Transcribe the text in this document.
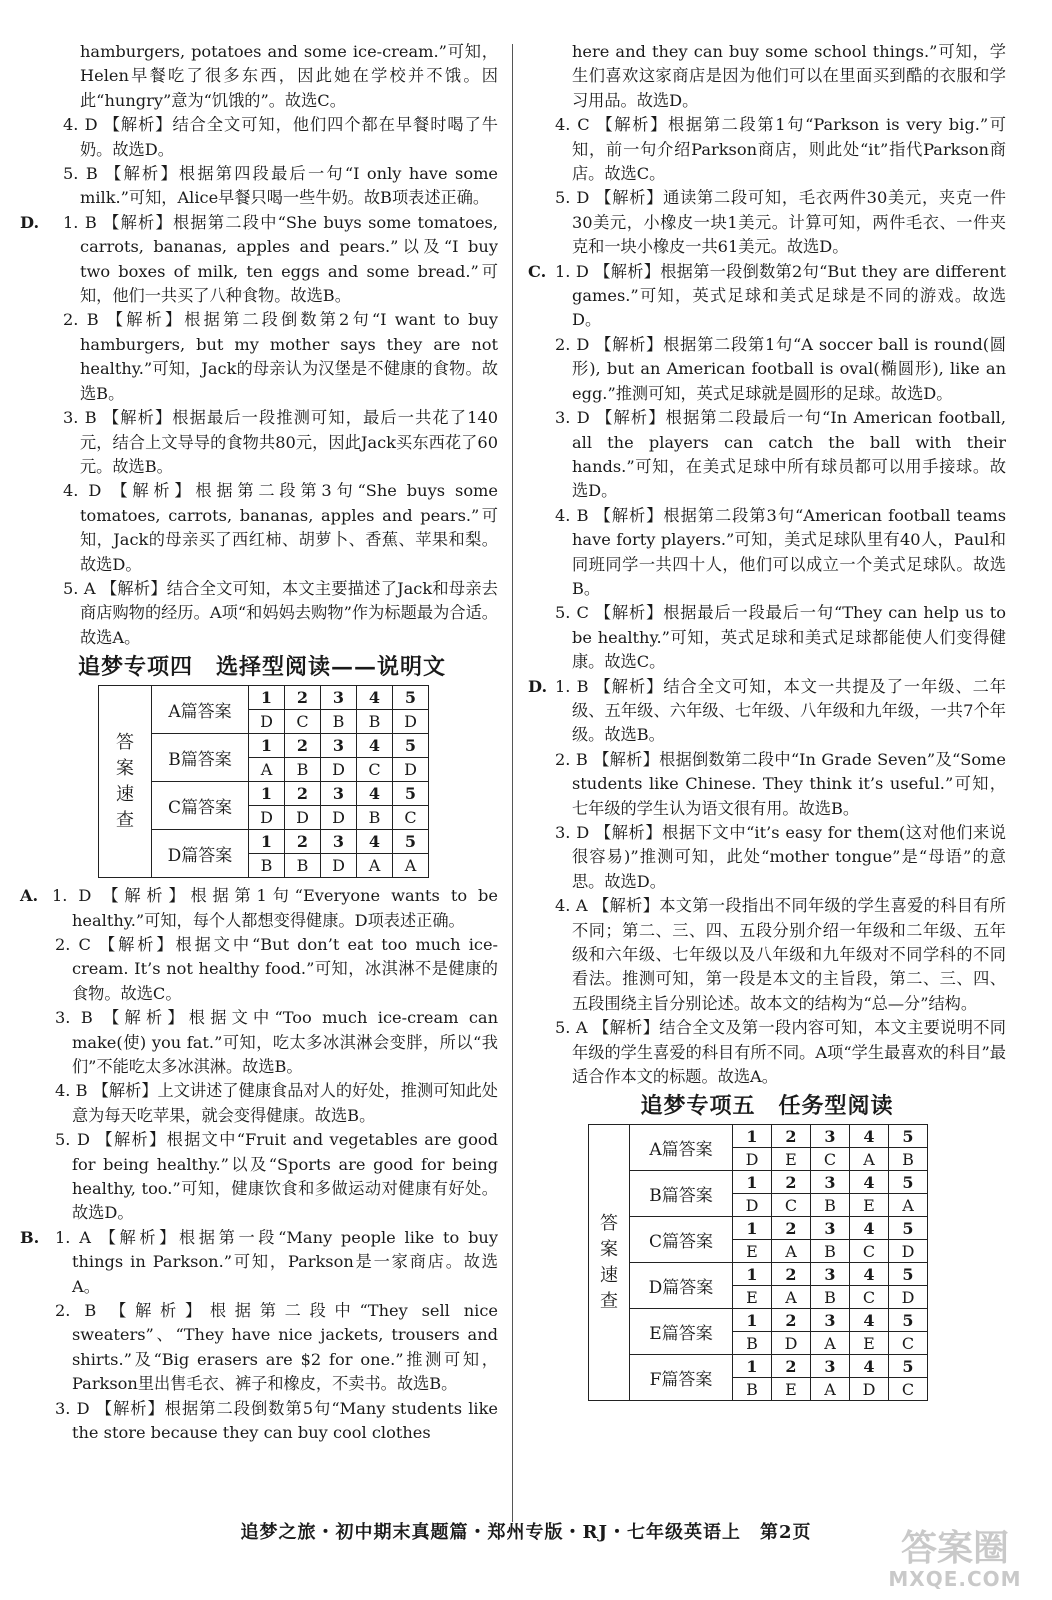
hamburgers, potatoes and some ice-cream.”可知，Helen早餐吃了很多东西，因此她在学校并不饿。因此“hungry”意为“饥饿的”。故选C。

4. D 【解析】结合全文可知，他们四个都在早餐时喝了牛奶。故选D。

5. B 【解析】根据第四段最后一句“I only have some milk.”可知，Alice早餐只喝一些牛奶。故B项表述正确。

D.	1. B 【解析】根据第二段中“She buys some tomatoes, carrots, bananas, apples and pears.”以及“I buy two boxes of milk, ten eggs and some bread.”可知，他们一共买了八种食物。故选B。

2. B 【解析】根据第二段倒数第2句“I want to buy hamburgers, but my mother says they are not healthy.”可知，Jack的母亲认为汉堡是不健康的食物。故选B。

3. B 【解析】根据最后一段推测可知，最后一共花了140元，结合上文导导的食物共80元，因此Jack买东西花了60元。故选B。

4. D 【解析】根据第二段第3句“She buys some tomatoes, carrots, bananas, apples and pears.”可知，Jack的母亲买了西红柿、胡萝卜、香蕉、苹果和梨。故选D。

5. A 【解析】结合全文可知，本文主要描述了Jack和母亲去商店购物的经历。A项“和妈妈去购物”作为标题最为合适。故选A。

追梦专项四　选择型阅读——说明文
答
案
速
查	A篇答案	1	2	3	4	5
		D	C	B	B	D
	B篇答案	1	2	3	4	5
		A	B	D	C	D
	C篇答案	1	2	3	4	5
		D	D	D	B	C
	D篇答案	1	2	3	4	5
		B	B	D	A	A
A. 1. D 【解析】根据第1句“Everyone wants to be healthy.”可知，每个人都想变得健康。D项表述正确。

2. C 【解析】根据文中“But don’t eat too much ice-cream. It’s not healthy food.”可知，冰淇淋不是健康的食物。故选C。

3. B 【解析】根据文中“Too much ice-cream can make(使) you fat.”可知，吃太多冰淇淋会变胖，所以“我们”不能吃太多冰淇淋。故选B。

4. B 【解析】上文讲述了健康食品对人的好处，推测可知此处意为每天吃苹果，就会变得健康。故选B。

5. D 【解析】根据文中“Fruit and vegetables are good for being healthy.”以及“Sports are good for being healthy, too.”可知，健康饮食和多做运动对健康有好处。故选D。

B. 1. A 【解析】根据第一段“Many people like to buy things in Parkson.”可知，Parkson是一家商店。故选A。

2. B 【解析】根据第二段中“They sell nice sweaters”、“They have nice jackets, trousers and shirts.”及“Big erasers are $2 for one.”推测可知，Parkson里出售毛衣、裤子和橡皮，不卖书。故选B。

3. D 【解析】根据第二段倒数第5句“Many students like the store because they can buy cool clothes

here and they can buy some school things.”可知，学生们喜欢这家商店是因为他们可以在里面买到酷的衣服和学习用品。故选D。

4. C 【解析】根据第二段第1句“Parkson is very big.”可知，前一句介绍Parkson商店，则此处“it”指代Parkson商店。故选C。

5. D 【解析】通读第二段可知，毛衣两件30美元，夹克一件30美元，小橡皮一块1美元。计算可知，两件毛衣、一件夹克和一块小橡皮一共61美元。故选D。

C. 1. D 【解析】根据第一段倒数第2句“But they are different games.”可知，英式足球和美式足球是不同的游戏。故选D。

2. D 【解析】根据第二段第1句“A soccer ball is round(圆形), but an American football is oval(椭圆形), like an egg.”推测可知，英式足球就是圆形的足球。故选D。

3. D 【解析】根据第二段最后一句“In American football, all the players can catch the ball with their hands.”可知，在美式足球中所有球员都可以用手接球。故选D。

4. B 【解析】根据第二段第3句“American football teams have forty players.”可知，美式足球队里有40人，Paul和同班同学一共四十人，他们可以成立一个美式足球队。故选B。

5. C 【解析】根据最后一段最后一句“They can help us to be healthy.”可知，英式足球和美式足球都能使人们变得健康。故选C。

D. 1. B 【解析】结合全文可知，本文一共提及了一年级、二年级、五年级、六年级、七年级、八年级和九年级，一共7个年级。故选B。

2. B 【解析】根据倒数第二段中“In Grade Seven”及“Some students like Chinese. They think it’s useful.”可知，七年级的学生认为语文很有用。故选B。

3. D 【解析】根据下文中“it’s easy for them(这对他们来说很容易)”推测可知，此处“mother tongue”是“母语”的意思。故选D。

4. A 【解析】本文第一段指出不同年级的学生喜爱的科目有所不同；第二、三、四、五段分别介绍一年级和二年级、五年级和六年级、七年级以及八年级和九年级对不同学科的不同看法。推测可知，第一段是本文的主旨段，第二、三、四、五段围绕主旨分别论述。故本文的结构为“总—分”结构。

5. A 【解析】结合全文及第一段内容可知，本文主要说明不同年级的学生喜爱的科目有所不同。A项“学生最喜欢的科目”最适合作本文的标题。故选A。

追梦专项五　任务型阅读
答
案
速
查	A篇答案	1	2	3	4	5
		D	E	C	A	B
	B篇答案	1	2	3	4	5
		D	C	B	E	A
	C篇答案	1	2	3	4	5
		E	A	B	C	D
	D篇答案	1	2	3	4	5
		E	A	B	C	D
	E篇答案	1	2	3	4	5
		B	D	A	E	C
	F篇答案	1	2	3	4	5
		B	E	A	D	C
追梦之旅・初中期末真题篇・郑州专版・RJ・七年级英语上　第2页	答案圈
MXQE.COM
